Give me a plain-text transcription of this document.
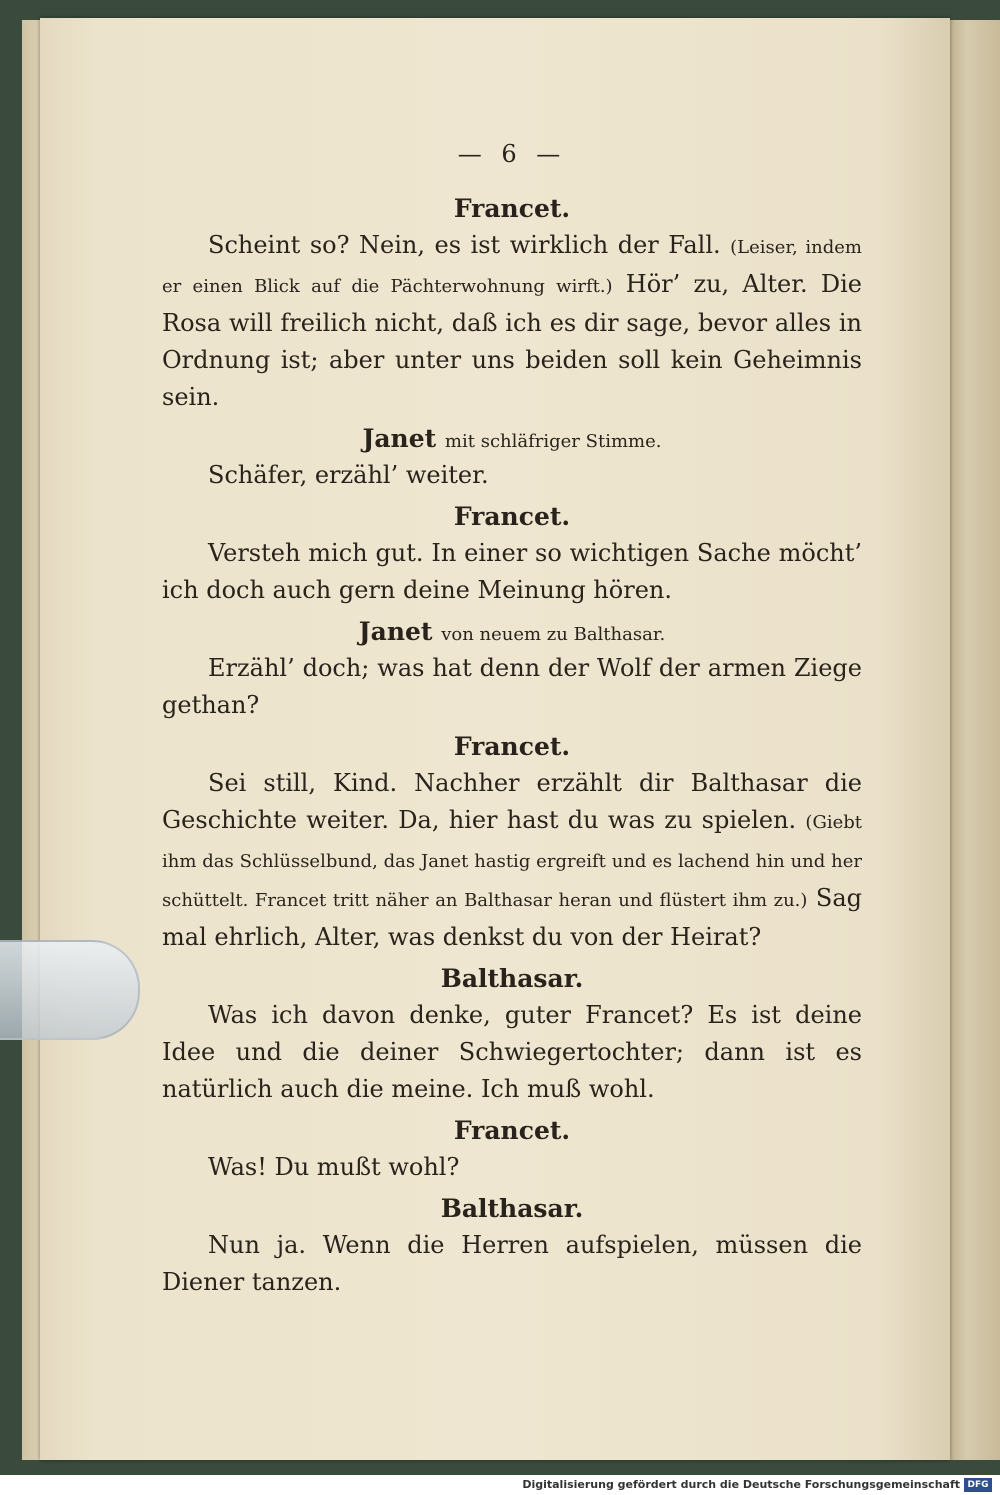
— 6 —
Francet.

Scheint so? Nein, es ist wirklich der Fall. (Leiser, indem er einen Blick auf die Pächterwohnung wirft.) Hör’ zu, Alter. Die Rosa will freilich nicht, daß ich es dir sage, bevor alles in Ordnung ist; aber unter uns beiden soll kein Geheimnis sein.

Janet mit schläfriger Stimme.

Schäfer, erzähl’ weiter.

Francet.

Versteh mich gut. In einer so wichtigen Sache möcht’ ich doch auch gern deine Meinung hören.

Janet von neuem zu Balthasar.

Erzähl’ doch; was hat denn der Wolf der armen Ziege gethan?

Francet.

Sei still, Kind. Nachher erzählt dir Balthasar die Geschichte weiter. Da, hier hast du was zu spielen. (Giebt ihm das Schlüsselbund, das Janet hastig ergreift und es lachend hin und her schüttelt. Francet tritt näher an Balthasar heran und flüstert ihm zu.) Sag mal ehrlich, Alter, was denkst du von der Heirat?

Balthasar.

Was ich davon denke, guter Francet? Es ist deine Idee und die deiner Schwiegertochter; dann ist es natürlich auch die meine. Ich muß wohl.

Francet.

Was! Du mußt wohl?

Balthasar.

Nun ja. Wenn die Herren aufspielen, müssen die Diener tanzen.

Digitalisierung gefördert durch die Deutsche Forschungsgemeinschaft DFG
